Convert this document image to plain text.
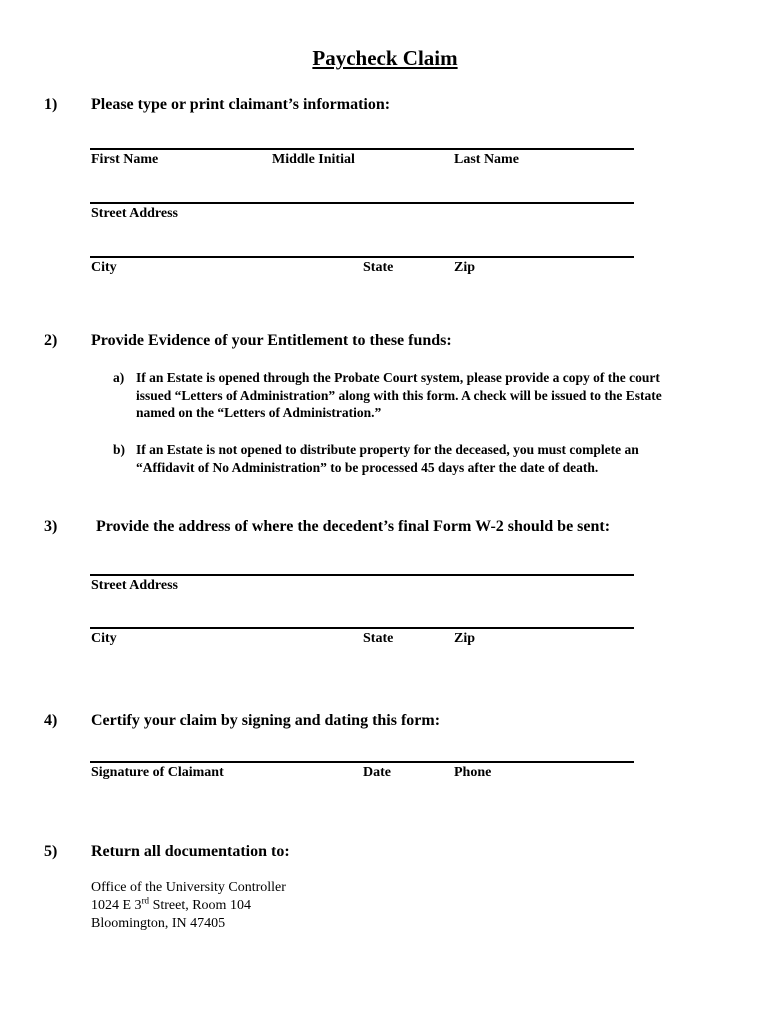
Paycheck Claim
1) Please type or print claimant’s information:
First Name	Middle Initial	Last Name
Street Address
City	State	Zip
2) Provide Evidence of your Entitlement to these funds:
a) If an Estate is opened through the Probate Court system, please provide a copy of the court issued “Letters of Administration” along with this form. A check will be issued to the Estate named on the “Letters of Administration.”
b) If an Estate is not opened to distribute property for the deceased, you must complete an “Affidavit of No Administration” to be processed 45 days after the date of death.
3) Provide the address of where the decedent’s final Form W-2 should be sent:
Street Address
City	State	Zip
4) Certify your claim by signing and dating this form:
Signature of Claimant	Date	Phone
5) Return all documentation to:
Office of the University Controller
1024 E 3rd Street, Room 104
Bloomington, IN 47405
